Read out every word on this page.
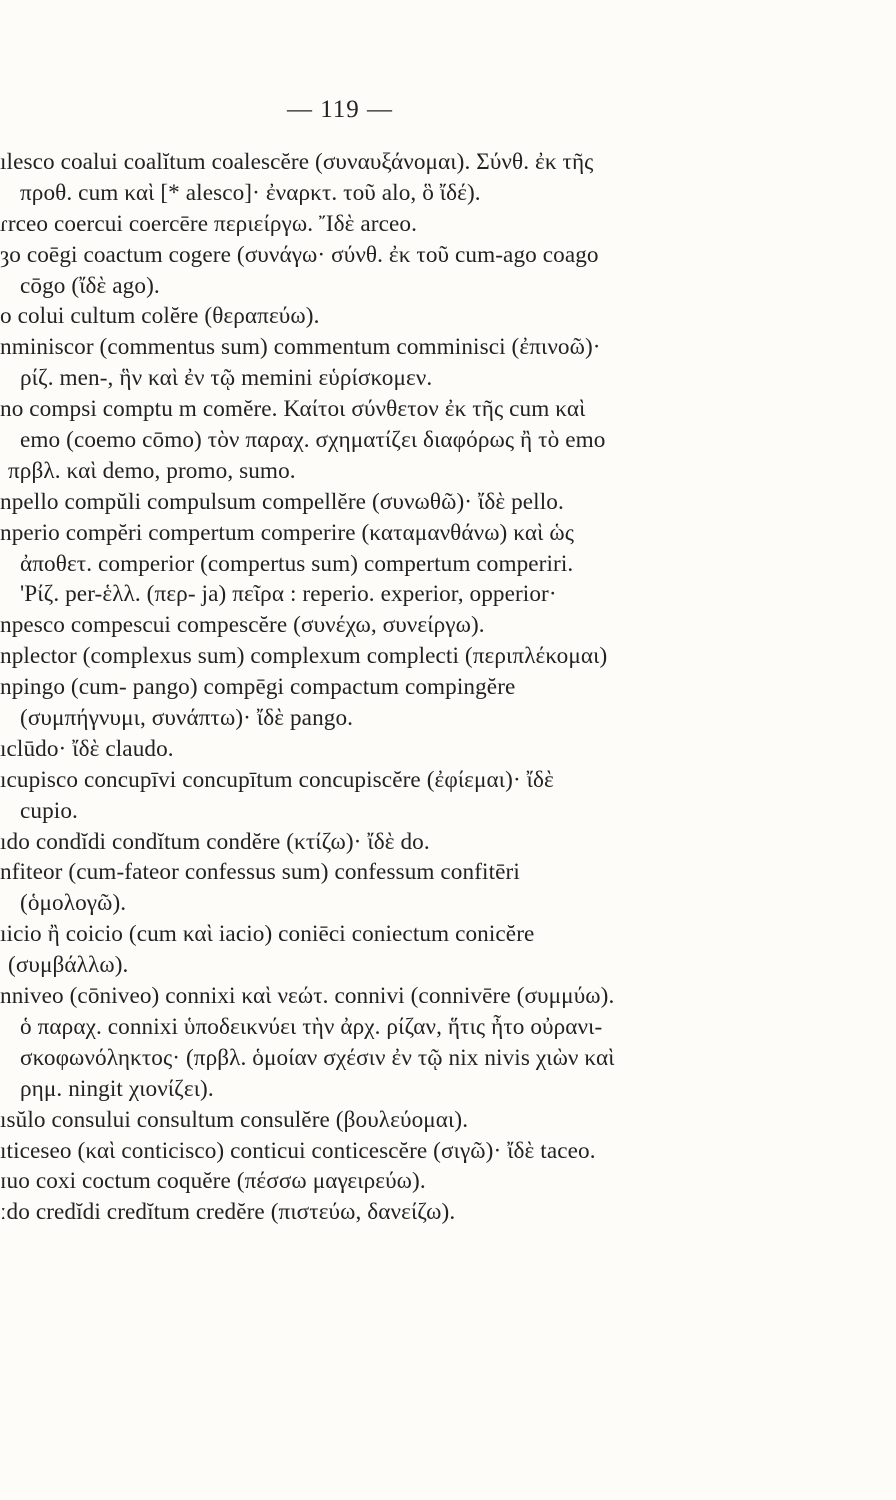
— 119 —
ılesco coalui coalĭtum coalescĕre (συναυξάνομαι). Σύνθ. ἐκ τῆς
προθ. cum καὶ [* alesco]· ἐναρκτ. τοῦ alo, ὃ ἴδέ).
ɾrceo coercui coercēre περιείργω. Ἴδὲ arceo.
ȝo coēgi coactum cogere (συνάγω· σύνθ. ἐκ τοῦ cum-ago coago
cōgo (ἴδὲ ago).
o colui cultum colĕre (θεραπεύω).
nminiscor (commentus sum) commentum comminisci (ἐπινοῶ)·
ρίζ. men-, ἣν καὶ ἐν τῷ memini εὑρίσκομεν.
no compsi comptu m comĕre. Καίτοι σύνθετον ἐκ τῆς cum καὶ
emo (coemo cōmo) τὸν παραχ. σχηματίζει διαφόρως ἢ τὸ emo
πρβλ. καὶ demo, promo, sumo.
npello compŭli compulsum compellĕre (συνωθῶ)· ἴδὲ pello.
nperio compĕri compertum comperire (καταμανθάνω) καὶ ὡς
ἀποθετ. comperior (compertus sum) compertum comperiri.
'Ρίζ. per-ἑλλ. (περ- ja) πεῖρα : reperio. experior, opperior·
npesco compescui compescĕre (συνέχω, συνείργω).
nplector (complexus sum) complexum complecti (περιπλέκομαι)
npingo (cum- pango) compēgi compactum compingĕre
(συμπήγνυμι, συνάπτω)· ἴδὲ pango.
ıclūdo· ἴδὲ claudo.
ıcupisco concupīvi concupītum concupiscĕre (ἐφίεμαι)· ἴδὲ
cupio.
ıdo condĭdi condĭtum condĕre (κτίζω)· ἴδὲ do.
nfiteor (cum-fateor confessus sum) confessum confitēri
(ὁμολογῶ).
ıicio ἢ coicio (cum καὶ iacio) coniēci coniectum conicĕre
(συμβάλλω).
nniveo (cōniveo) connixi καὶ νεώτ. connivi (connivēre (συμμύω).
ὁ παραχ. connixi ὑποδεικνύει τὴν ἀρχ. ρίζαν, ἥτις ἦτο οὐρανι-
σκοφωνόληκτος· (πρβλ. ὁμοίαν σχέσιν ἐν τῷ nix nivis χιὼν καὶ
ρημ. ningit χιονίζει).
ısŭlo consului consultum consulĕre (βουλεύομαι).
ıticeseo (καὶ conticisco) conticui conticescĕre (σιγῶ)· ἴδὲ taceo.
ɪuo coxi coctum coquĕre (πέσσω μαγειρεύω).
ːdo credĭdi credĭtum credĕre (πιστεύω, δανείζω).
